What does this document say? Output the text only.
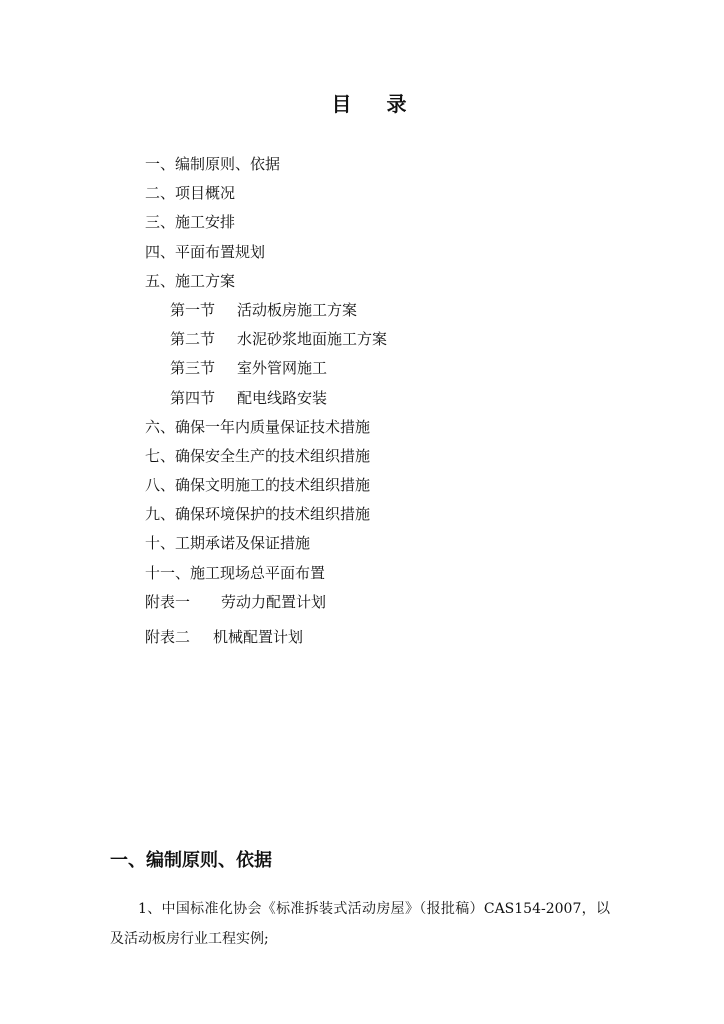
目 录
一、编制原则、依据
二、项目概况
三、施工安排
四、平面布置规划
五、施工方案
第一节 活动板房施工方案
第二节 水泥砂浆地面施工方案
第三节 室外管网施工
第四节 配电线路安装
六、确保一年内质量保证技术措施
七、确保安全生产的技术组织措施
八、确保文明施工的技术组织措施
九、确保环境保护的技术组织措施
十、工期承诺及保证措施
十一、施工现场总平面布置
附表一 劳动力配置计划
附表二 机械配置计划
一、编制原则、依据

1、中国标准化协会《标准拆装式活动房屋》（报批稿）CAS154-2007，以及活动板房行业工程实例;
